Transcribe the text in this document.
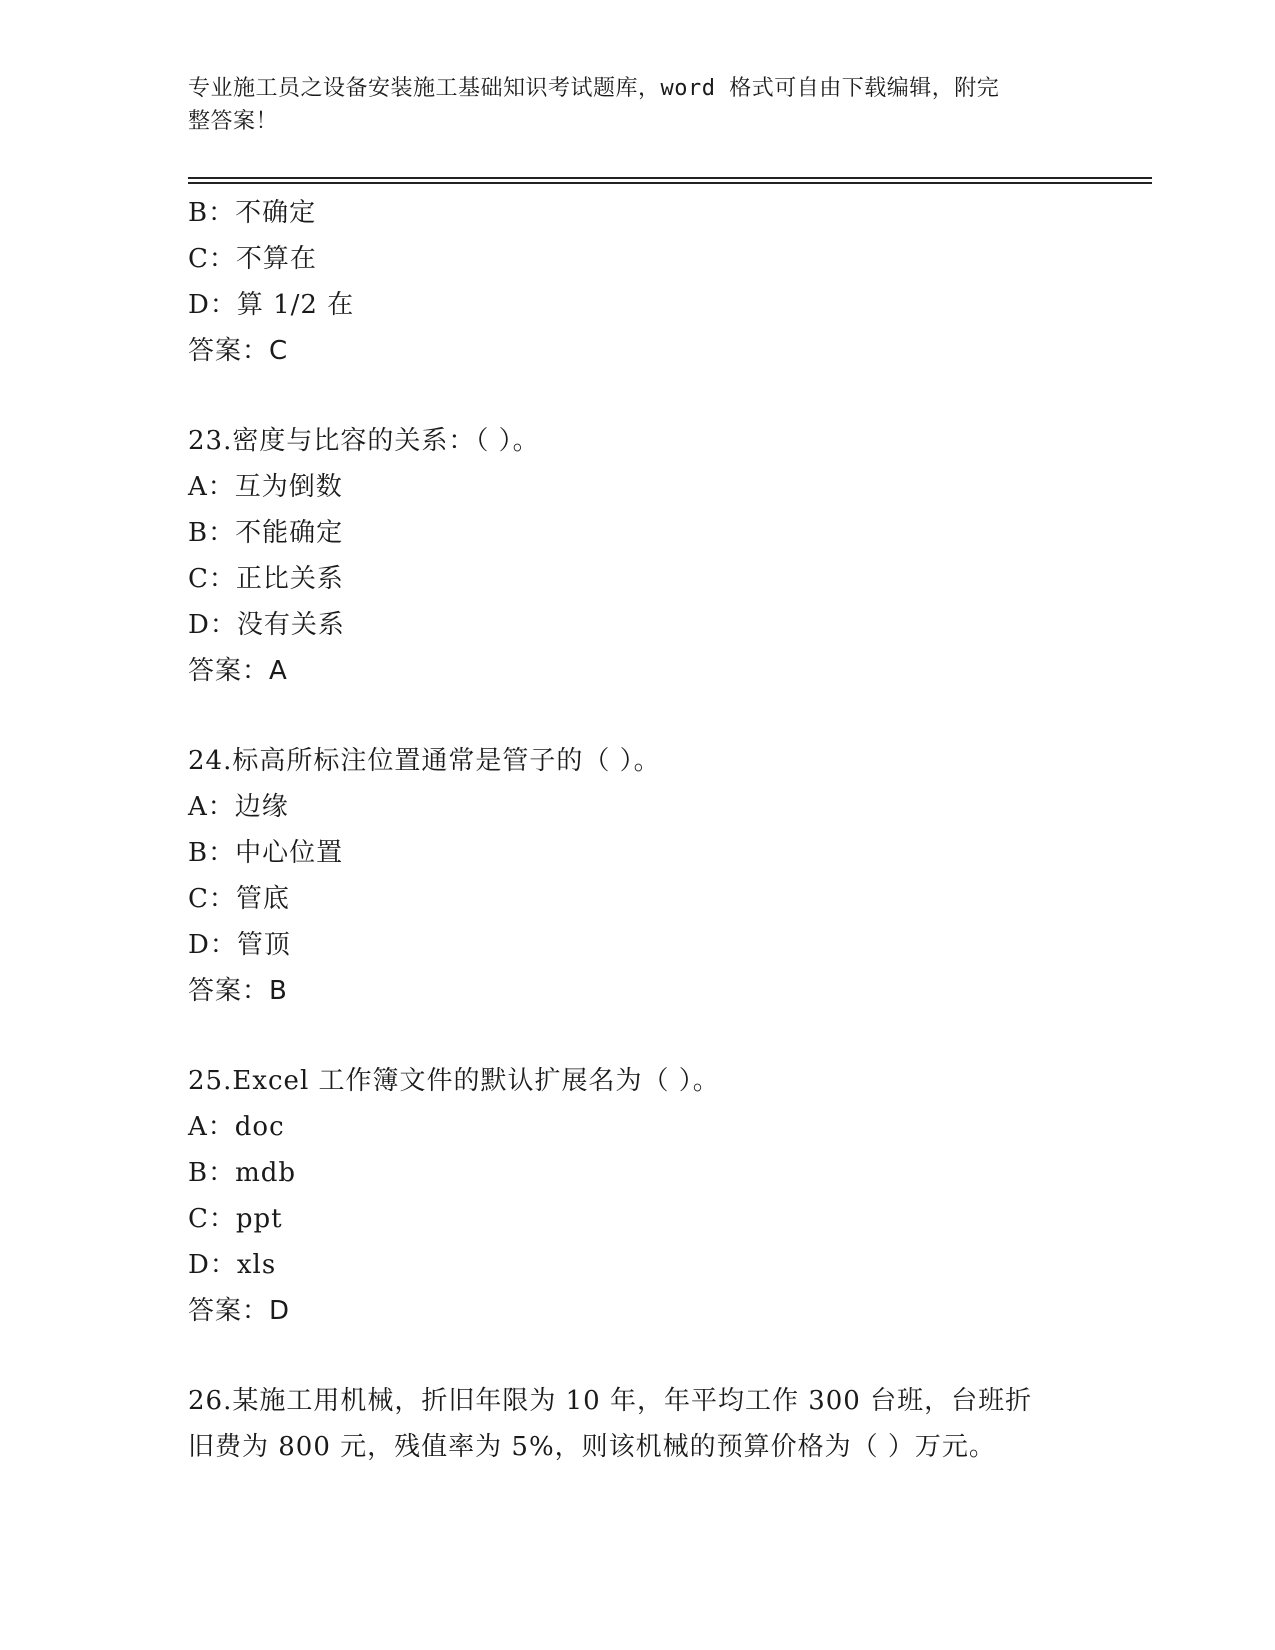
专业施工员之设备安装施工基础知识考试题库，word 格式可自由下载编辑，附完
整答案！
B：不确定
C：不算在
D：算 1/2 在
答案：C
23.密度与比容的关系：（ ）。
A：互为倒数
B：不能确定
C：正比关系
D：没有关系
答案：A
24.标高所标注位置通常是管子的（ ）。
A：边缘
B：中心位置
C：管底
D：管顶
答案：B
25.Excel 工作簿文件的默认扩展名为（ ）。
A：doc
B：mdb
C：ppt
D：xls
答案：D
26.某施工用机械，折旧年限为 10 年，年平均工作 300 台班，台班折
旧费为 800 元，残值率为 5%，则该机械的预算价格为（ ）万元。
